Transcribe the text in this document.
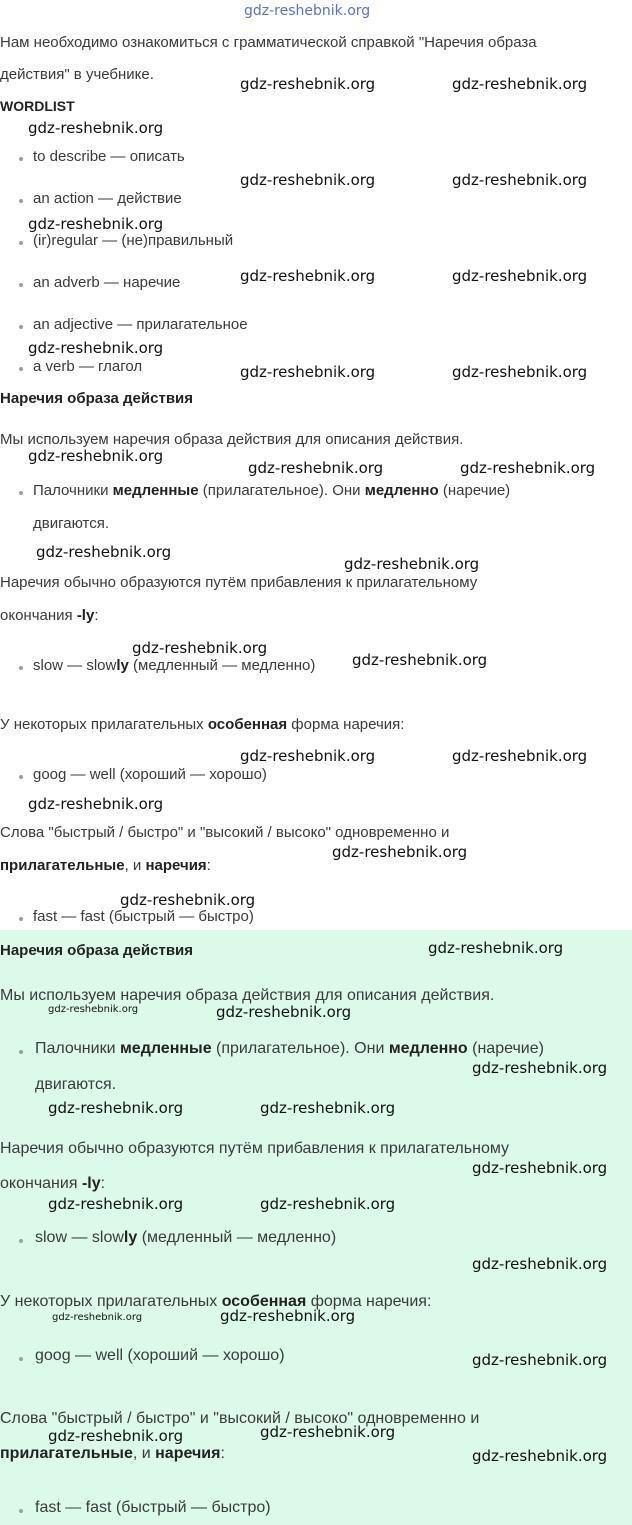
gdz-reshebnik.org
Нам необходимо ознакомиться с грамматической справкой "Наречия образа
действия" в учебнике.
WORDLIST
to describe — описать
an action — действие
(ir)regular — (не)правильный
an adverb — наречие
an adjective — прилагательное
a verb — глагол
Наречия образа действия
Мы используем наречия образа действия для описания действия.
Палочники медленные (прилагательное). Они медленно (наречие)
двигаются.
Наречия обычно образуются путём прибавления к прилагательному
окончания -ly:
slow — slowly (медленный — медленно)
У некоторых прилагательных особенная форма наречия:
goog — well (хороший — хорошо)
Слова "быстрый / быстро" и "высокий / высоко" одновременно и
прилагательные, и наречия:
fast — fast (быстрый — быстро)
Наречия образа действия
Мы используем наречия образа действия для описания действия.
Палочники медленные (прилагательное). Они медленно (наречие)
двигаются.
Наречия обычно образуются путём прибавления к прилагательному
окончания -ly:
slow — slowly (медленный — медленно)
У некоторых прилагательных особенная форма наречия:
goog — well (хороший — хорошо)
Слова "быстрый / быстро" и "высокий / высоко" одновременно и
прилагательные, и наречия:
fast — fast (быстрый — быстро)
gdz-reshebnik.org	gdz-reshebnik.org
gdz-reshebnik.org
gdz-reshebnik.org	gdz-reshebnik.org
gdz-reshebnik.org
gdz-reshebnik.org	gdz-reshebnik.org
gdz-reshebnik.org
gdz-reshebnik.org	gdz-reshebnik.org
gdz-reshebnik.org
gdz-reshebnik.org	gdz-reshebnik.org
gdz-reshebnik.org
gdz-reshebnik.org
gdz-reshebnik.org
gdz-reshebnik.org
gdz-reshebnik.org	gdz-reshebnik.org
gdz-reshebnik.org
gdz-reshebnik.org
gdz-reshebnik.org
gdz-reshebnik.org
gdz-reshebnik.org	gdz-reshebnik.org
gdz-reshebnik.org
gdz-reshebnik.org	gdz-reshebnik.org
gdz-reshebnik.org
gdz-reshebnik.org	gdz-reshebnik.org
gdz-reshebnik.org
gdz-reshebnik.org	gdz-reshebnik.org
gdz-reshebnik.org
gdz-reshebnik.org	gdz-reshebnik.org
gdz-reshebnik.org
